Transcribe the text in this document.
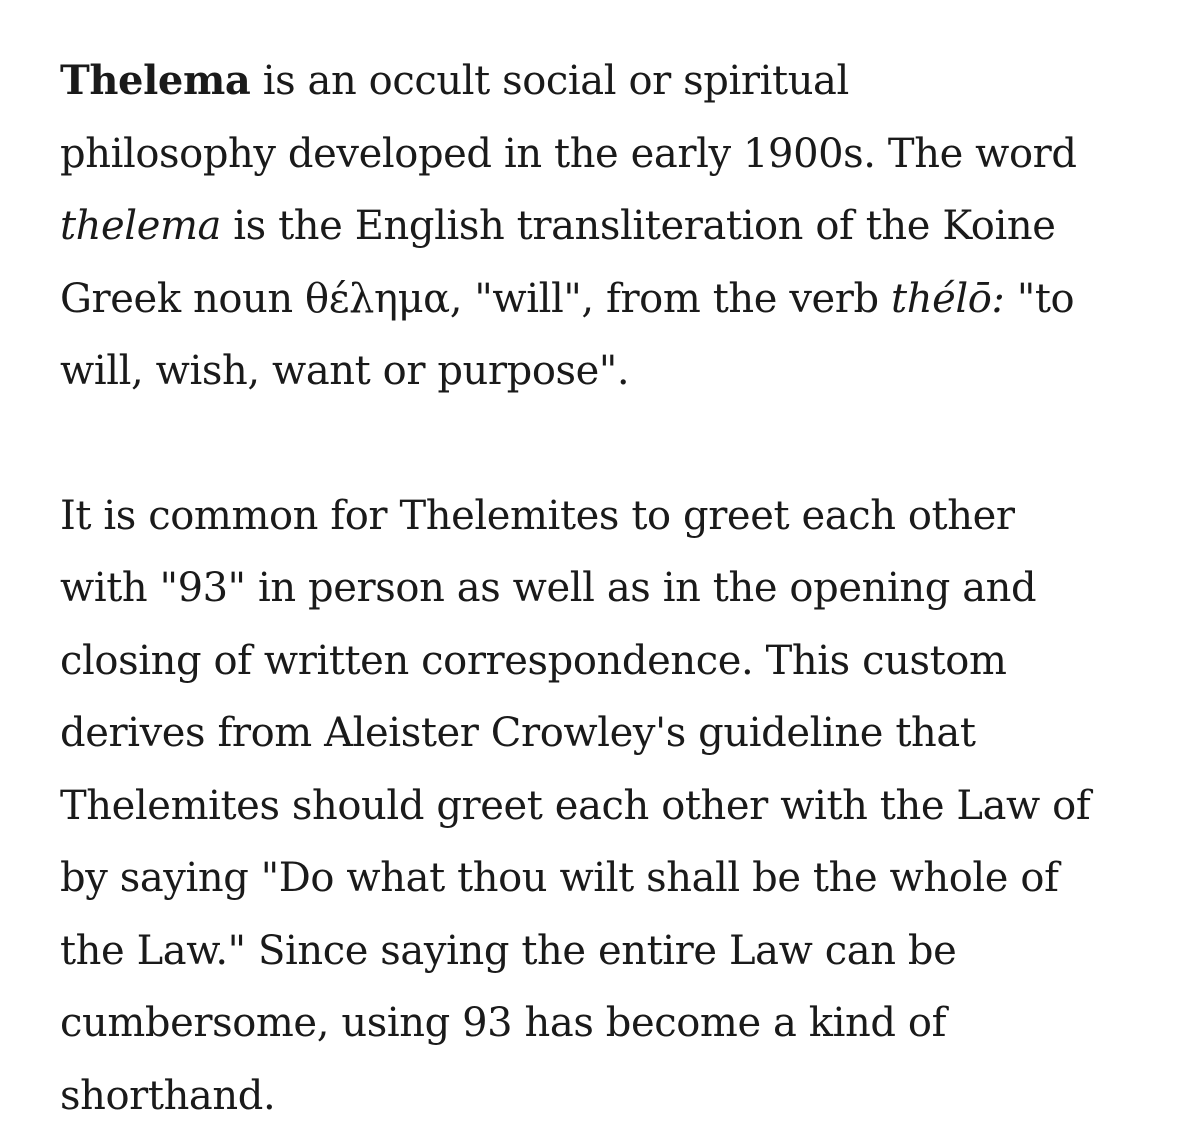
Thelema is an occult social or spiritual
philosophy developed in the early 1900s. The word
thelema is the English transliteration of the Koine
Greek noun θέλημα, "will", from the verb thélō: "to
will, wish, want or purpose".

It is common for Thelemites to greet each other
with "93" in person as well as in the opening and
closing of written correspondence. This custom
derives from Aleister Crowley's guideline that
Thelemites should greet each other with the Law of
by saying "Do what thou wilt shall be the whole of
the Law." Since saying the entire Law can be
cumbersome, using 93 has become a kind of
shorthand.
